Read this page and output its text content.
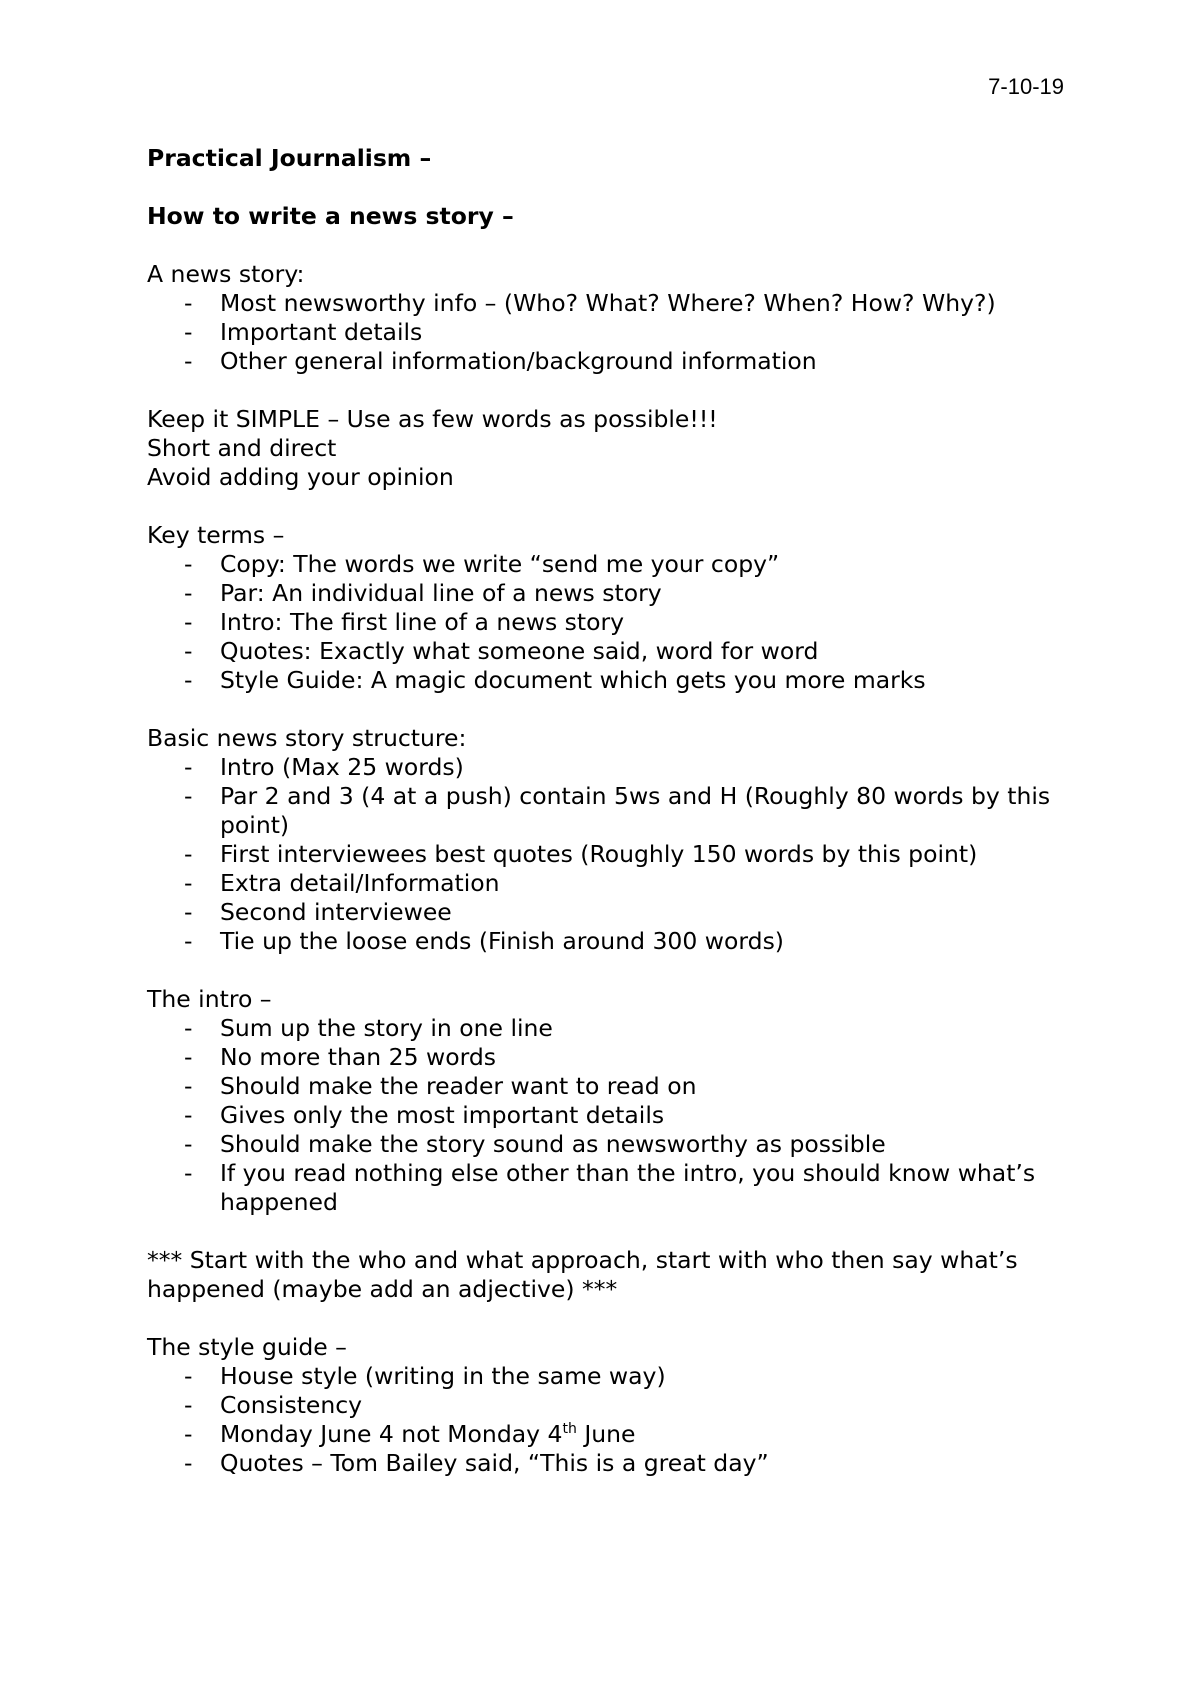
7-10-19

Practical Journalism –

How to write a news story –

A news story:

- Most newsworthy info – (Who? What? Where? When? How? Why?)
- Important details
- Other general information/background information

Keep it SIMPLE – Use as few words as possible!!!

Short and direct

Avoid adding your opinion

Key terms –

- Copy: The words we write “send me your copy”
- Par: An individual line of a news story
- Intro: The first line of a news story
- Quotes: Exactly what someone said, word for word
- Style Guide: A magic document which gets you more marks

Basic news story structure:

- Intro (Max 25 words)
- Par 2 and 3 (4 at a push) contain 5ws and H (Roughly 80 words by this point)
- First interviewees best quotes (Roughly 150 words by this point)
- Extra detail/Information
- Second interviewee
- Tie up the loose ends (Finish around 300 words)

The intro –

- Sum up the story in one line
- No more than 25 words
- Should make the reader want to read on
- Gives only the most important details
- Should make the story sound as newsworthy as possible
- If you read nothing else other than the intro, you should know what’s happened

*** Start with the who and what approach, start with who then say what’s happened (maybe add an adjective) ***

The style guide –

- House style (writing in the same way)
- Consistency
- Monday June 4 not Monday 4th June
- Quotes – Tom Bailey said, “This is a great day”
